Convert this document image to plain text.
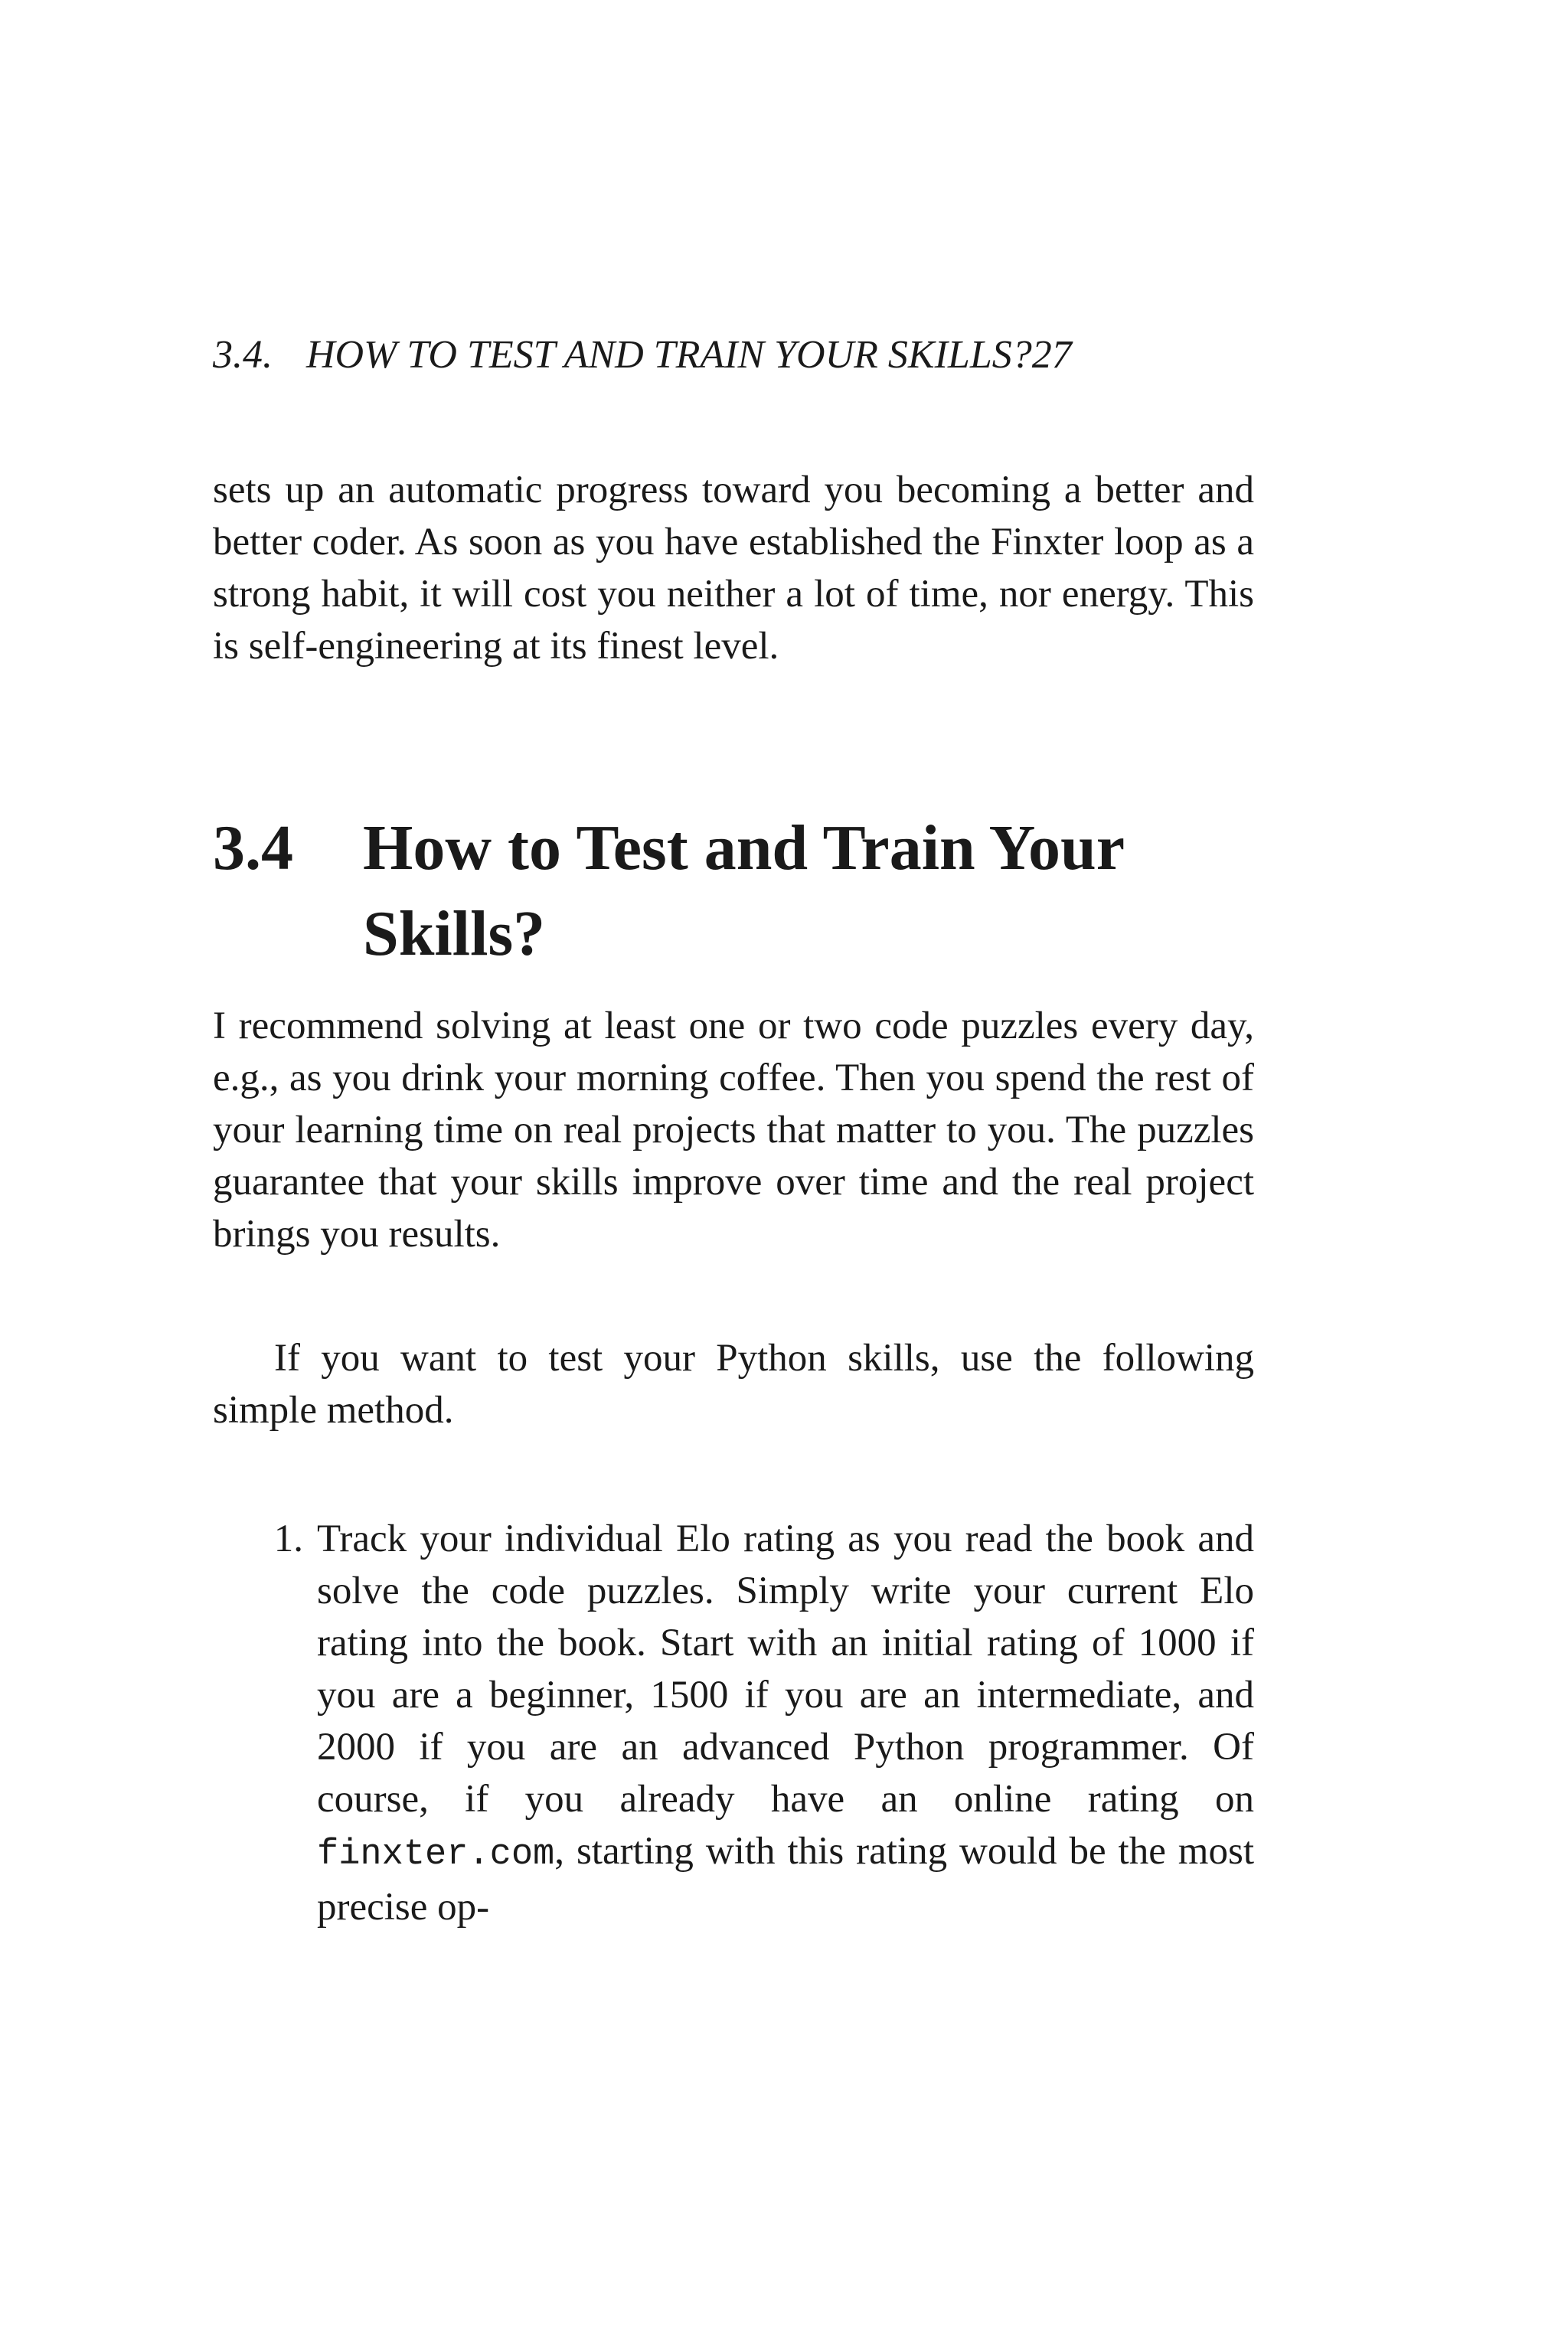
3.4. HOW TO TEST AND TRAIN YOUR SKILLS?27

sets up an automatic progress toward you becoming a better and better coder. As soon as you have established the Finxter loop as a strong habit, it will cost you neither a lot of time, nor energy. This is self-engineering at its finest level.

3.4	How to Test and Train Your Skills?

I recommend solving at least one or two code puzzles every day, e.g., as you drink your morning coffee. Then you spend the rest of your learning time on real projects that matter to you. The puzzles guarantee that your skills improve over time and the real project brings you results.

If you want to test your Python skills, use the following simple method.

1. Track your individual Elo rating as you read the book and solve the code puzzles. Simply write your current Elo rating into the book. Start with an initial rating of 1000 if you are a beginner, 1500 if you are an intermediate, and 2000 if you are an advanced Python programmer. Of course, if you already have an online rating on finxter.com, starting with this rating would be the most precise op-
